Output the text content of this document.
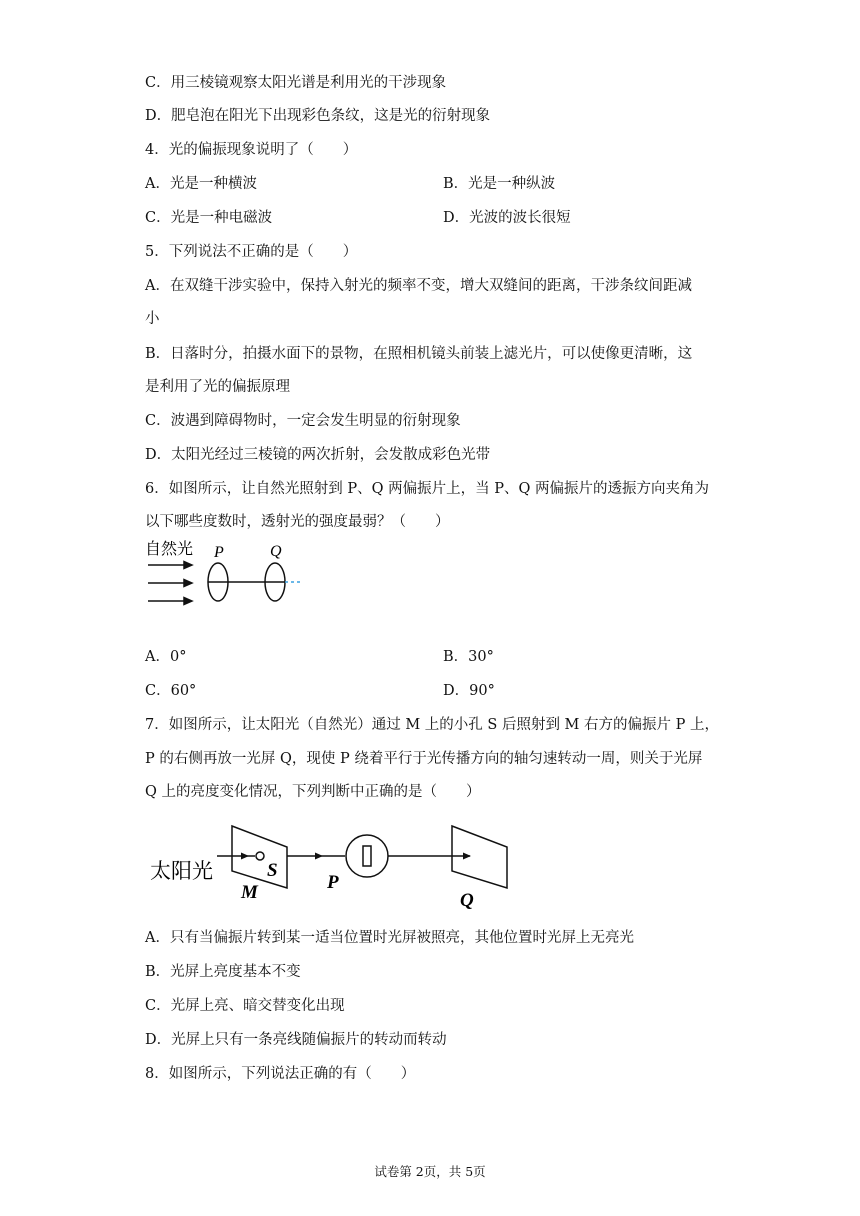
C．用三棱镜观察太阳光谱是利用光的干涉现象
D．肥皂泡在阳光下出现彩色条纹，这是光的衍射现象
4．光的偏振现象说明了（　　）
A．光是一种横波	B．光是一种纵波
C．光是一种电磁波	D．光波的波长很短
5．下列说法不正确的是（　　）
A．在双缝干涉实验中，保持入射光的频率不变，增大双缝间的距离，干涉条纹间距减
小
B．日落时分，拍摄水面下的景物，在照相机镜头前装上滤光片，可以使像更清晰，这
是利用了光的偏振原理
C．波遇到障碍物时，一定会发生明显的衍射现象
D．太阳光经过三棱镜的两次折射，会发散成彩色光带
6．如图所示，让自然光照射到 P、Q 两偏振片上，当 P、Q 两偏振片的透振方向夹角为
以下哪些度数时，透射光的强度最弱？（　　）
自然光 P	Q
A．0°	B．30°
C．60°	D．90°
7．如图所示，让太阳光（自然光）通过 M 上的小孔 S 后照射到 M 右方的偏振片 P 上，
P 的右侧再放一光屏 Q，现使 P 绕着平行于光传播方向的轴匀速转动一周，则关于光屏
Q 上的亮度变化情况，下列判断中正确的是（　　）
太阳光	S
M	P
Q
A．只有当偏振片转到某一适当位置时光屏被照亮，其他位置时光屏上无亮光
B．光屏上亮度基本不变
C．光屏上亮、暗交替变化出现
D．光屏上只有一条亮线随偏振片的转动而转动
8．如图所示，下列说法正确的有（　　）
试卷第 2页，共 5页
